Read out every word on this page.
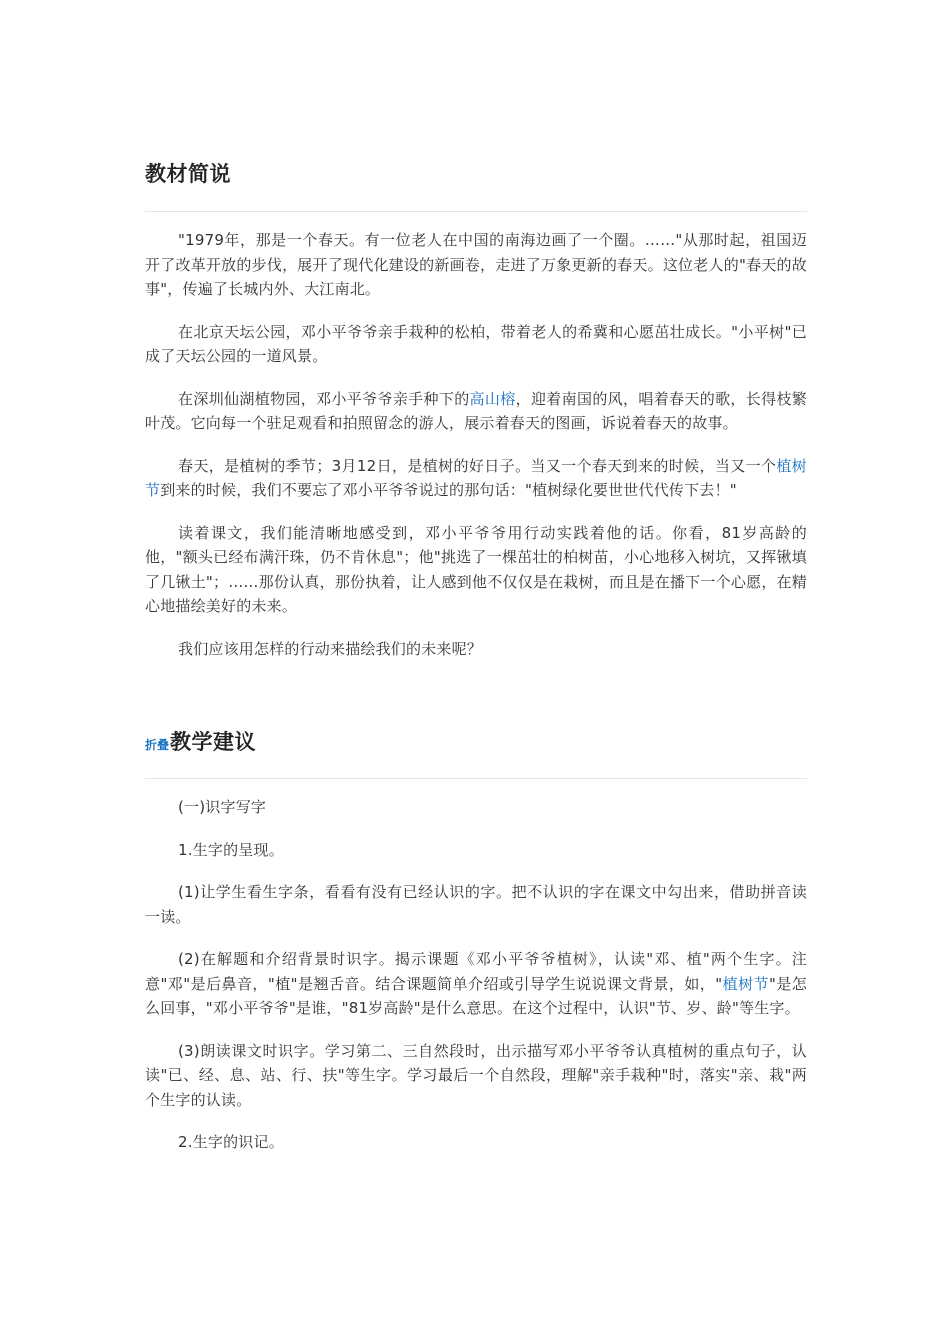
教材简说

"1979年，那是一个春天。有一位老人在中国的南海边画了一个圈。……"从那时起，祖国迈开了改革开放的步伐，展开了现代化建设的新画卷，走进了万象更新的春天。这位老人的"春天的故事"，传遍了长城内外、大江南北。

在北京天坛公园，邓小平爷爷亲手栽种的松柏，带着老人的希冀和心愿茁壮成长。"小平树"已成了天坛公园的一道风景。

在深圳仙湖植物园，邓小平爷爷亲手种下的高山榕，迎着南国的风，唱着春天的歌，长得枝繁叶茂。它向每一个驻足观看和拍照留念的游人，展示着春天的图画，诉说着春天的故事。

春天，是植树的季节；3月12日，是植树的好日子。当又一个春天到来的时候，当又一个植树节到来的时候，我们不要忘了邓小平爷爷说过的那句话："植树绿化要世世代代传下去！"

读着课文，我们能清晰地感受到，邓小平爷爷用行动实践着他的话。你看，81岁高龄的他，"额头已经布满汗珠，仍不肯休息"；他"挑选了一棵茁壮的柏树苗，小心地移入树坑，又挥锹填了几锹土"；……那份认真，那份执着，让人感到他不仅仅是在栽树，而且是在播下一个心愿，在精心地描绘美好的未来。

我们应该用怎样的行动来描绘我们的未来呢？

折叠教学建议

(一)识字写字

1.生字的呈现。

(1)让学生看生字条，看看有没有已经认识的字。把不认识的字在课文中勾出来，借助拼音读一读。

(2)在解题和介绍背景时识字。揭示课题《邓小平爷爷植树》，认读"邓、植"两个生字。注意"邓"是后鼻音，"植"是翘舌音。结合课题简单介绍或引导学生说说课文背景，如，"植树节"是怎么回事，"邓小平爷爷"是谁，"81岁高龄"是什么意思。在这个过程中，认识"节、岁、龄"等生字。

(3)朗读课文时识字。学习第二、三自然段时，出示描写邓小平爷爷认真植树的重点句子，认读"已、经、息、站、行、扶"等生字。学习最后一个自然段，理解"亲手栽种"时，落实"亲、栽"两个生字的认读。

2.生字的识记。
